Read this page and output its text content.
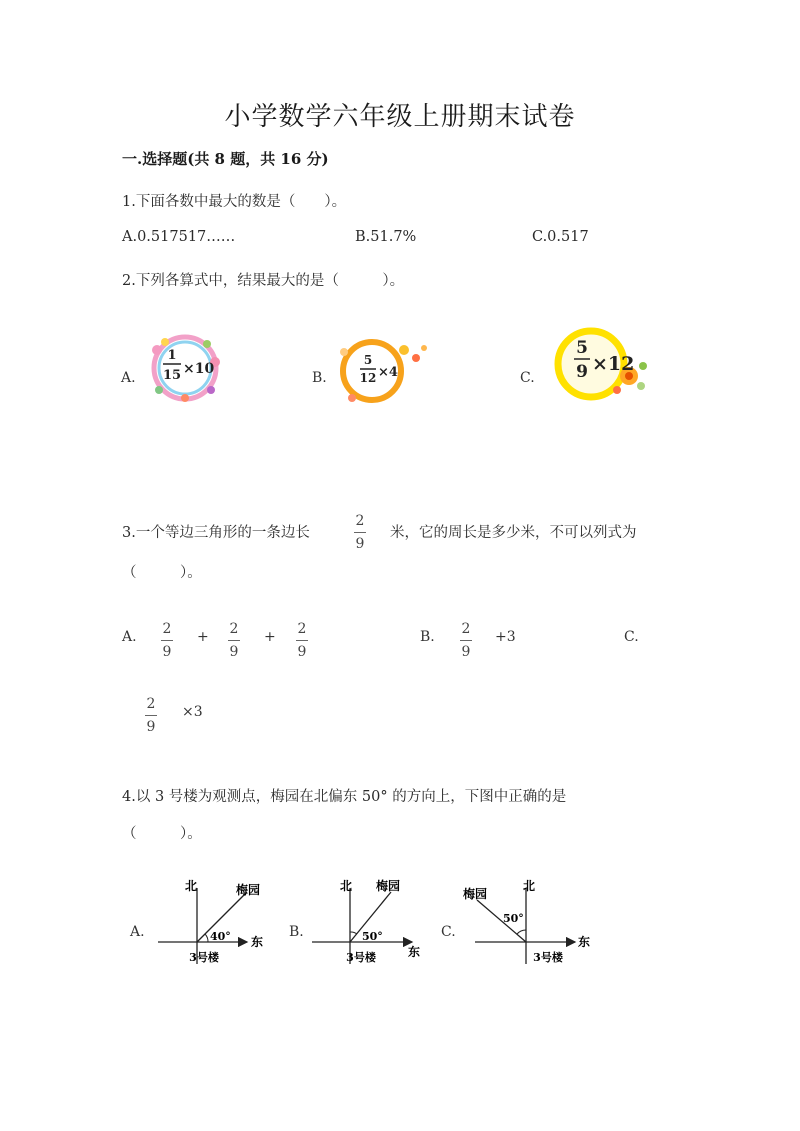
小学数学六年级上册期末试卷
一.选择题(共 8 题，共 16 分)
1.下面各数中最大的数是（　　）。
A.0.517517……	B.51.7%	C.0.517
2.下列各算式中，结果最大的是（　　　）。
A.
1
15 ×10
B.
5
12 ×4	C.
5
9 ×12
3.一个等边三角形的一条边长
2
9
米，它的周长是多少米，不可以列式为
（　　　）。
A. 2
9
+ 2
9
+ 2
9
B. 2
9
+3	C.
2
9
×3
4.以 3 号楼为观测点，梅园在北偏东 50° 的方向上，下图中正确的是
（　　　）。
A.
北	梅园
40° 东
3号楼
B.
北 梅园
50°
东
3号楼
C.
北
梅园
50°
东
3号楼
